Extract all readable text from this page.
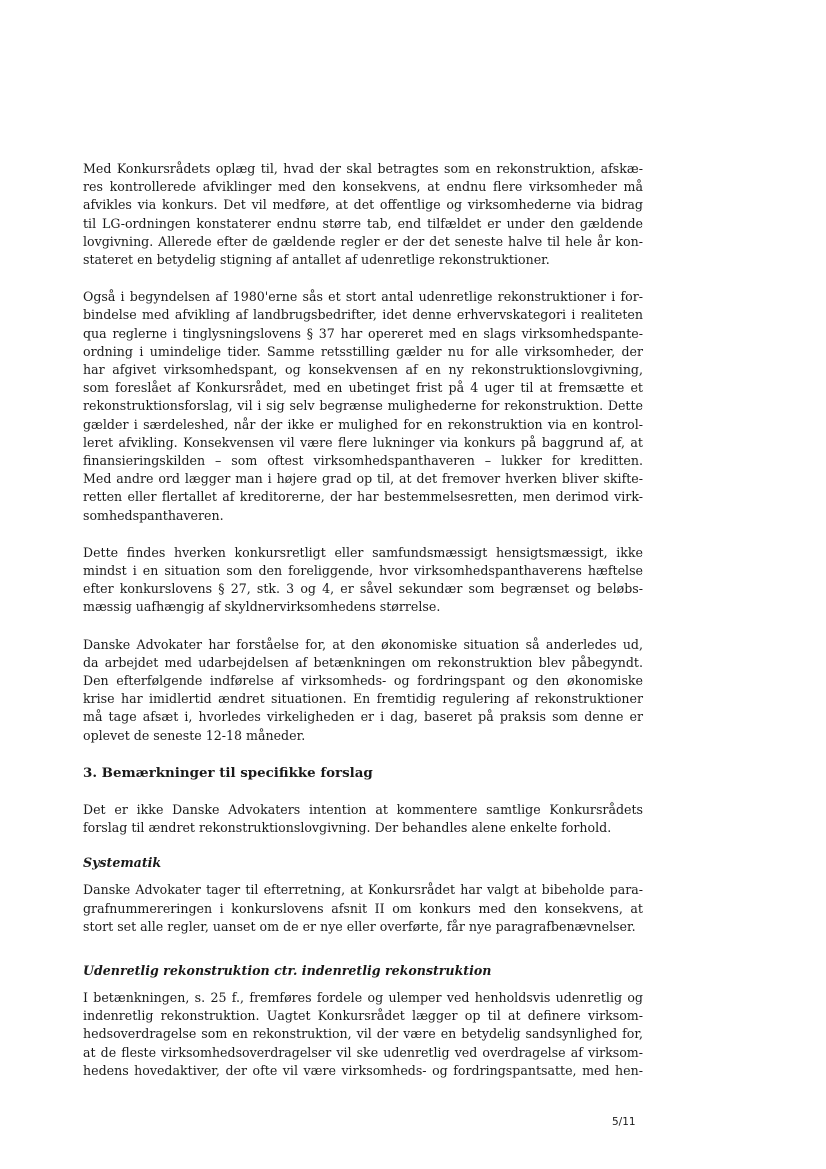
Med Konkursrådets oplæg til, hvad der skal betragtes som en rekonstruktion, afskæ-
res kontrollerede afviklinger med den konsekvens, at endnu flere virksomheder må
afvikles via konkurs. Det vil medføre, at det offentlige og virksomhederne via bidrag
til LG-ordningen konstaterer endnu større tab, end tilfældet er under den gældende
lovgivning. Allerede efter de gældende regler er der det seneste halve til hele år kon-
stateret en betydelig stigning af antallet af udenretlige rekonstruktioner.

Også i begyndelsen af 1980'erne sås et stort antal udenretlige rekonstruktioner i for-
bindelse med afvikling af landbrugsbedrifter, idet denne erhvervskategori i realiteten
qua reglerne i tinglysningslovens § 37 har opereret med en slags virksomhedspante-
ordning i umindelige tider. Samme retsstilling gælder nu for alle virksomheder, der
har afgivet virksomhedspant, og konsekvensen af en ny rekonstruktionslovgivning,
som foreslået af Konkursrådet, med en ubetinget frist på 4 uger til at fremsætte et
rekonstruktionsforslag, vil i sig selv begrænse mulighederne for rekonstruktion. Dette
gælder i særdeleshed, når der ikke er mulighed for en rekonstruktion via en kontrol-
leret afvikling. Konsekvensen vil være flere lukninger via konkurs på baggrund af, at
finansieringskilden – som oftest virksomhedspanthaveren – lukker for kreditten.
Med andre ord lægger man i højere grad op til, at det fremover hverken bliver skifte-
retten eller flertallet af kreditorerne, der har bestemmelsesretten, men derimod virk-
somhedspanthaveren.

Dette findes hverken konkursretligt eller samfundsmæssigt hensigtsmæssigt, ikke
mindst i en situation som den foreliggende, hvor virksomhedspanthaverens hæftelse
efter konkurslovens § 27, stk. 3 og 4, er såvel sekundær som begrænset og beløbs-
mæssig uafhængig af skyldnervirksomhedens størrelse.

Danske Advokater har forståelse for, at den økonomiske situation så anderledes ud,
da arbejdet med udarbejdelsen af betænkningen om rekonstruktion blev påbegyndt.
Den efterfølgende indførelse af virksomheds- og fordringspant og den økonomiske
krise har imidlertid ændret situationen. En fremtidig regulering af rekonstruktioner
må tage afsæt i, hvorledes virkeligheden er i dag, baseret på praksis som denne er
oplevet de seneste 12-18 måneder.

3. Bemærkninger til specifikke forslag

Det er ikke Danske Advokaters intention at kommentere samtlige Konkursrådets
forslag til ændret rekonstruktionslovgivning. Der behandles alene enkelte forhold.

Systematik

Danske Advokater tager til efterretning, at Konkursrådet har valgt at bibeholde para-
grafnummereringen i konkurslovens afsnit II om konkurs med den konsekvens, at
stort set alle regler, uanset om de er nye eller overførte, får nye paragrafbenævnelser.

Udenretlig rekonstruktion ctr. indenretlig rekonstruktion

I betænkningen, s. 25 f., fremføres fordele og ulemper ved henholdsvis udenretlig og
indenretlig rekonstruktion. Uagtet Konkursrådet lægger op til at definere virksom-
hedsoverdragelse som en rekonstruktion, vil der være en betydelig sandsynlighed for,
at de fleste virksomhedsoverdragelser vil ske udenretlig ved overdragelse af virksom-
hedens hovedaktiver, der ofte vil være virksomheds- og fordringspantsatte, med hen-

5/11
